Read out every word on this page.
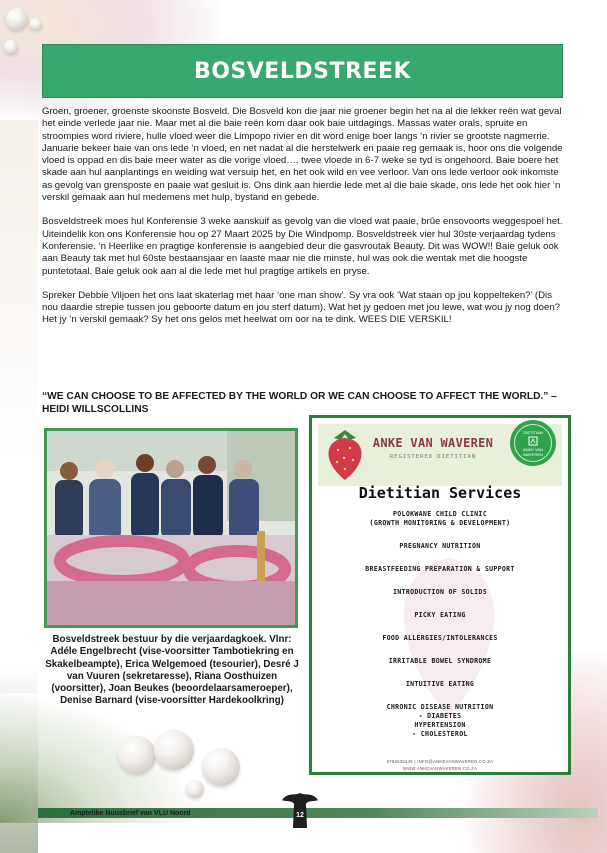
BOSVELDSTREEK

Groen, groener, groenste skoonste Bosveld. Die Bosveld kon die jaar nie groener begin het na al die lekker reën wat geval het einde verlede jaar nie. Maar met al die baie reën kom daar ook baie uitdagings. Massas water orals, spruite en stroompies word riviere, hulle vloed weer die Limpopo rivier en dit word enige boer langs ‘n rivier se grootste nagmerrie. Januarie bekeer baie van ons lede ‘n vloed, en net nadat al die herstelwerk en paaie reg gemaak is, hoor ons die volgende vloed is oppad en dis baie meer water as die vorige vloed…. twee vloede in 6-7 weke se tyd is ongehoord. Baie boere het skade aan hul aanplantings en weiding wat versuip het, en het ook wild en vee verloor. Van ons lede verloor ook inkomste as gevolg van grensposte en paaie wat gesluit is. Ons dink aan hierdie lede met al die baie skade, ons lede het ook hier ‘n verskil gemaak aan hul medemens met hulp, bystand en gebede.

Bosveldstreek moes hul Konferensie 3 weke aanskuif as gevolg van die vloed wat paaie, brûe ensovoorts weggespoel het. Uiteindelik kon ons Konferensie hou op 27 Maart 2025 by Die Windpomp. Bosveldstreek vier hul 30ste verjaardag tydens Konferensie. ‘n Heerlike en pragtige konferensie is aangebied deur die gasvroutak Beauty. Dit was WOW!! Baie geluk ook aan Beauty tak met hul 60ste bestaansjaar en laaste maar nie die minste, hul was ook die wentak met die hoogste puntetotaal. Baie geluk ook aan al die lede met hul pragtige artikels en pryse.

Spreker Debbie Viljoen het ons laat skaterlag met haar ‘one man show’. Sy vra ook ‘Wat staan op jou koppelteken?’ (Dis nou daardie strepie tussen jou geboorte datum en jou sterf datum). Wat het jy gedoen met jou lewe, wat wou jy nog doen? Het jy ‘n verskil gemaak? Sy het ons gelos met heelwat om oor na te dink. WEES DIE VERSKIL!

“WE CAN CHOOSE TO BE AFFECTED BY THE WORLD OR WE CAN CHOOSE TO AFFECT THE WORLD.” – HEIDI WILLSCOLLINS
Bosveldstreek bestuur by die verjaardagkoek. Vlnr: Adéle Engelbrecht (vise-voorsitter Tambotiekring en Skakelbeampte), Erica Welgemoed (tesourier), Desré J van Vuuren (sekretaresse), Riana Oosthuizen (voorsitter), Joan Beukes (beoordelaarsameroeper), Denise Barnard (vise-voorsitter Hardekoolkring)
ANKE VAN WAVEREN
REGISTERED DIETITIAN
DIETITIAN
ANKE VAN WAVEREN
Dietitian Services
POLOKWANE CHILD CLINIC
(GROWTH MONITORING & DEVELOPMENT)
PREGNANCY NUTRITION
BREASTFEEDING PREPARATION & SUPPORT
INTRODUCTION OF SOLIDS
PICKY EATING
FOOD ALLERGIES/INTOLERANCES
IRRITABLE BOWEL SYNDROME
INTUITIVE EATING
CHRONIC DISEASE NUTRITION
- DIABETES
HYPERTENSION
- CHOLESTEROL
0795535345 | INFO@ANKEVANWAVEREN.CO.ZA
WWW.ANKEVANWAVEREN.CO.ZA
Amptelike Nuusbrief van VLU Noord	12
